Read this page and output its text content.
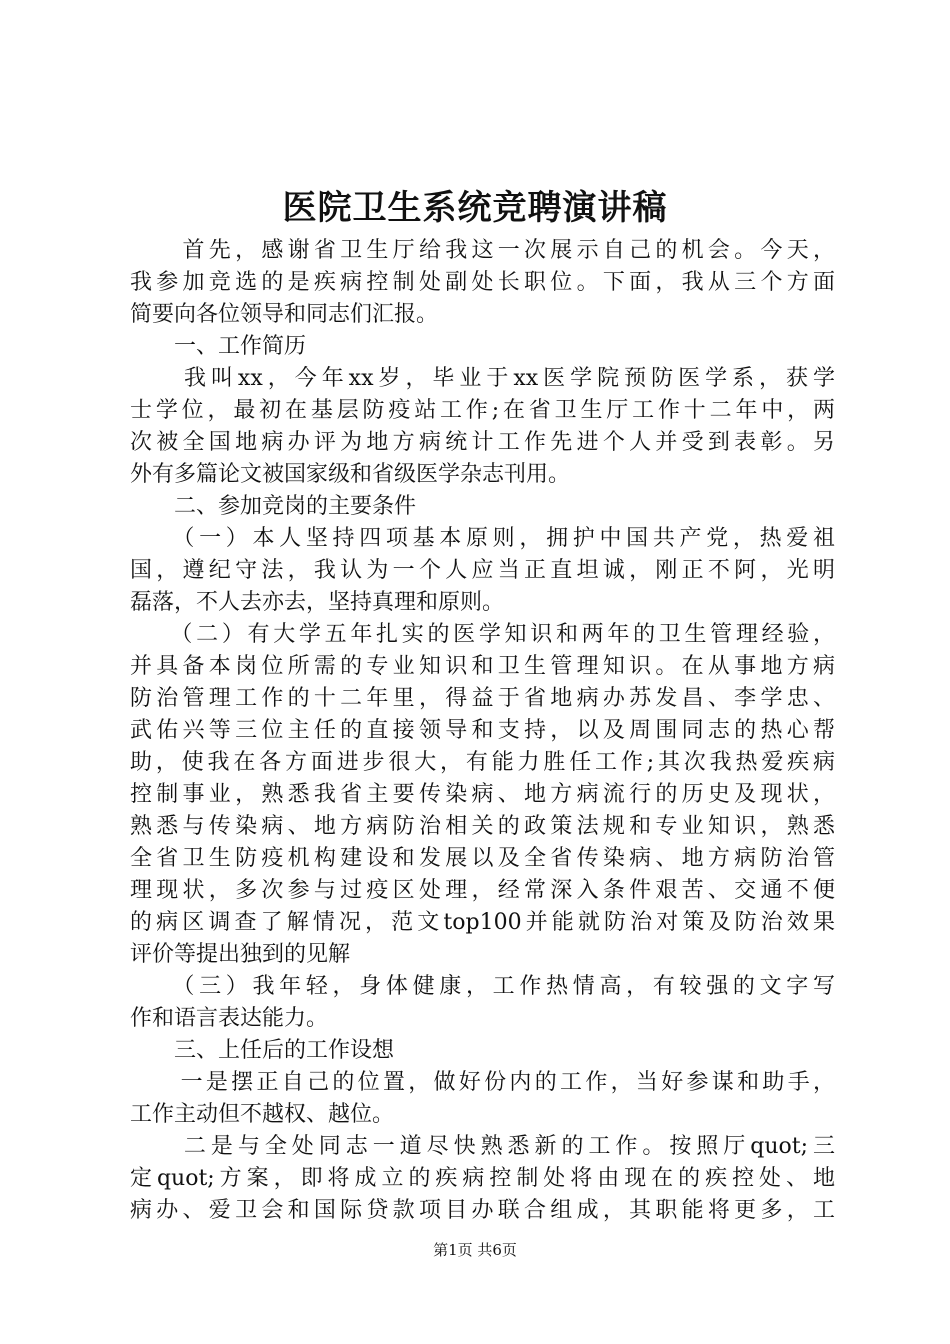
医院卫生系统竞聘演讲稿
　　首先，感谢省卫生厅给我这一次展示自己的机会。今天，
我参加竞选的是疾病控制处副处长职位。下面，我从三个方面
简要向各位领导和同志们汇报。
　　一、工作简历
　　我叫xx，今年xx岁，毕业于xx医学院预防医学系，获学
士学位，最初在基层防疫站工作;在省卫生厅工作十二年中，两
次被全国地病办评为地方病统计工作先进个人并受到表彰。另
外有多篇论文被国家级和省级医学杂志刊用。
　　二、参加竞岗的主要条件
　　（一）本人坚持四项基本原则，拥护中国共产党，热爱祖
国，遵纪守法，我认为一个人应当正直坦诚，刚正不阿，光明
磊落，不人去亦去，坚持真理和原则。
　　（二）有大学五年扎实的医学知识和两年的卫生管理经验，
并具备本岗位所需的专业知识和卫生管理知识。在从事地方病
防治管理工作的十二年里，得益于省地病办苏发昌、李学忠、
武佑兴等三位主任的直接领导和支持，以及周围同志的热心帮
助，使我在各方面进步很大，有能力胜任工作;其次我热爱疾病
控制事业，熟悉我省主要传染病、地方病流行的历史及现状，
熟悉与传染病、地方病防治相关的政策法规和专业知识，熟悉
全省卫生防疫机构建设和发展以及全省传染病、地方病防治管
理现状，多次参与过疫区处理，经常深入条件艰苦、交通不便
的病区调查了解情况，范文top100并能就防治对策及防治效果
评价等提出独到的见解
　　（三）我年轻，身体健康，工作热情高，有较强的文字写
作和语言表达能力。
　　三、上任后的工作设想
　　一是摆正自己的位置，做好份内的工作，当好参谋和助手，
工作主动但不越权、越位。
　　二是与全处同志一道尽快熟悉新的工作。按照厅quot;三
定quot;方案，即将成立的疾病控制处将由现在的疾控处、地
病办、爱卫会和国际贷款项目办联合组成，其职能将更多，工
第1页 共6页
